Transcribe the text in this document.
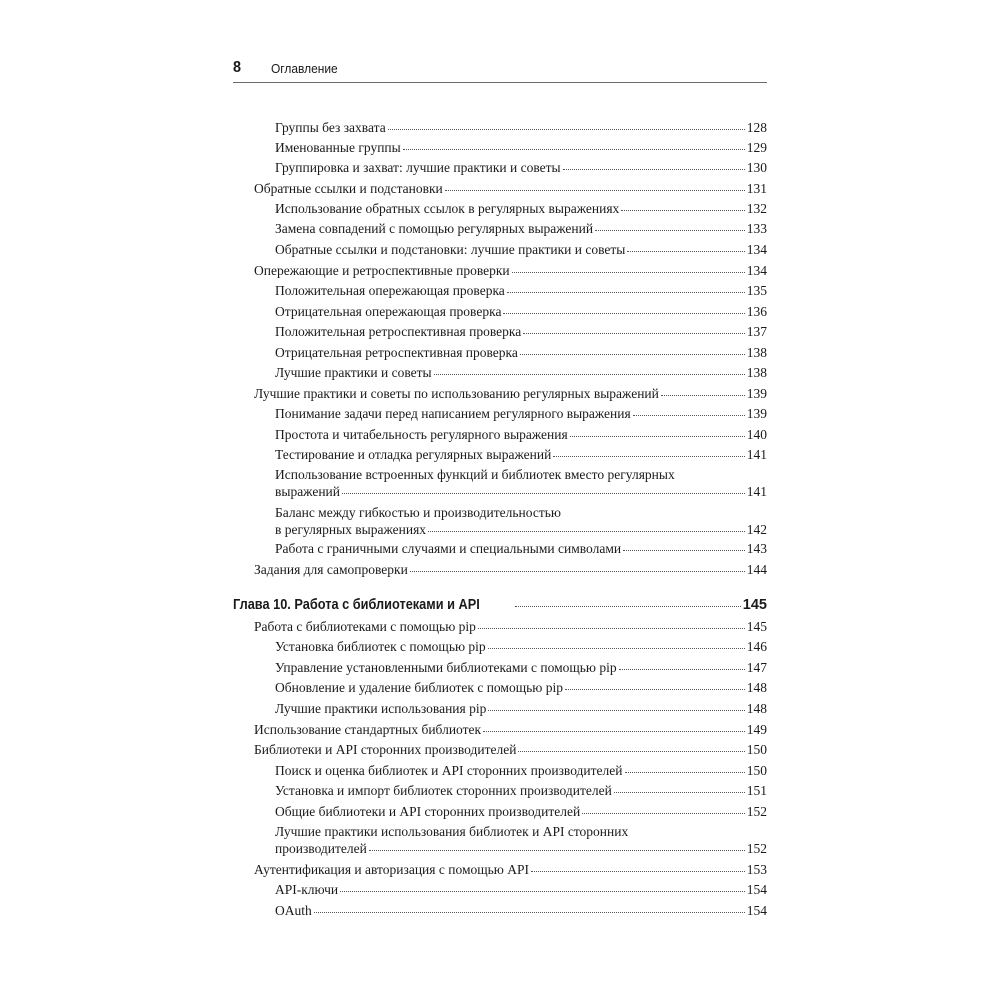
8 Оглавление
Группы без захвата	128
Именованные группы	129
Группировка и захват: лучшие практики и советы	130
Обратные ссылки и подстановки	131
Использование обратных ссылок в регулярных выражениях	132
Замена совпадений с помощью регулярных выражений	133
Обратные ссылки и подстановки: лучшие практики и советы	134
Опережающие и ретроспективные проверки	134
Положительная опережающая проверка	135
Отрицательная опережающая проверка	136
Положительная ретроспективная проверка	137
Отрицательная ретроспективная проверка	138
Лучшие практики и советы	138
Лучшие практики и советы по использованию регулярных выражений	139
Понимание задачи перед написанием регулярного выражения	139
Простота и читабельность регулярного выражения	140
Тестирование и отладка регулярных выражений	141
Использование встроенных функций и библиотек вместо регулярных
выражений	141
Баланс между гибкостью и производительностью
в регулярных выражениях	142
Работа с граничными случаями и специальными символами	143
Задания для самопроверки	144
Глава 10. Работа с библиотеками и API	145
Работа с библиотеками с помощью pip	145
Установка библиотек с помощью pip	146
Управление установленными библиотеками с помощью pip	147
Обновление и удаление библиотек с помощью pip	148
Лучшие практики использования pip	148
Использование стандартных библиотек	149
Библиотеки и API сторонних производителей	150
Поиск и оценка библиотек и API сторонних производителей	150
Установка и импорт библиотек сторонних производителей	151
Общие библиотеки и API сторонних производителей	152
Лучшие практики использования библиотек и API сторонних
производителей	152
Аутентификация и авторизация с помощью API	153
API-ключи	154
OAuth	154
